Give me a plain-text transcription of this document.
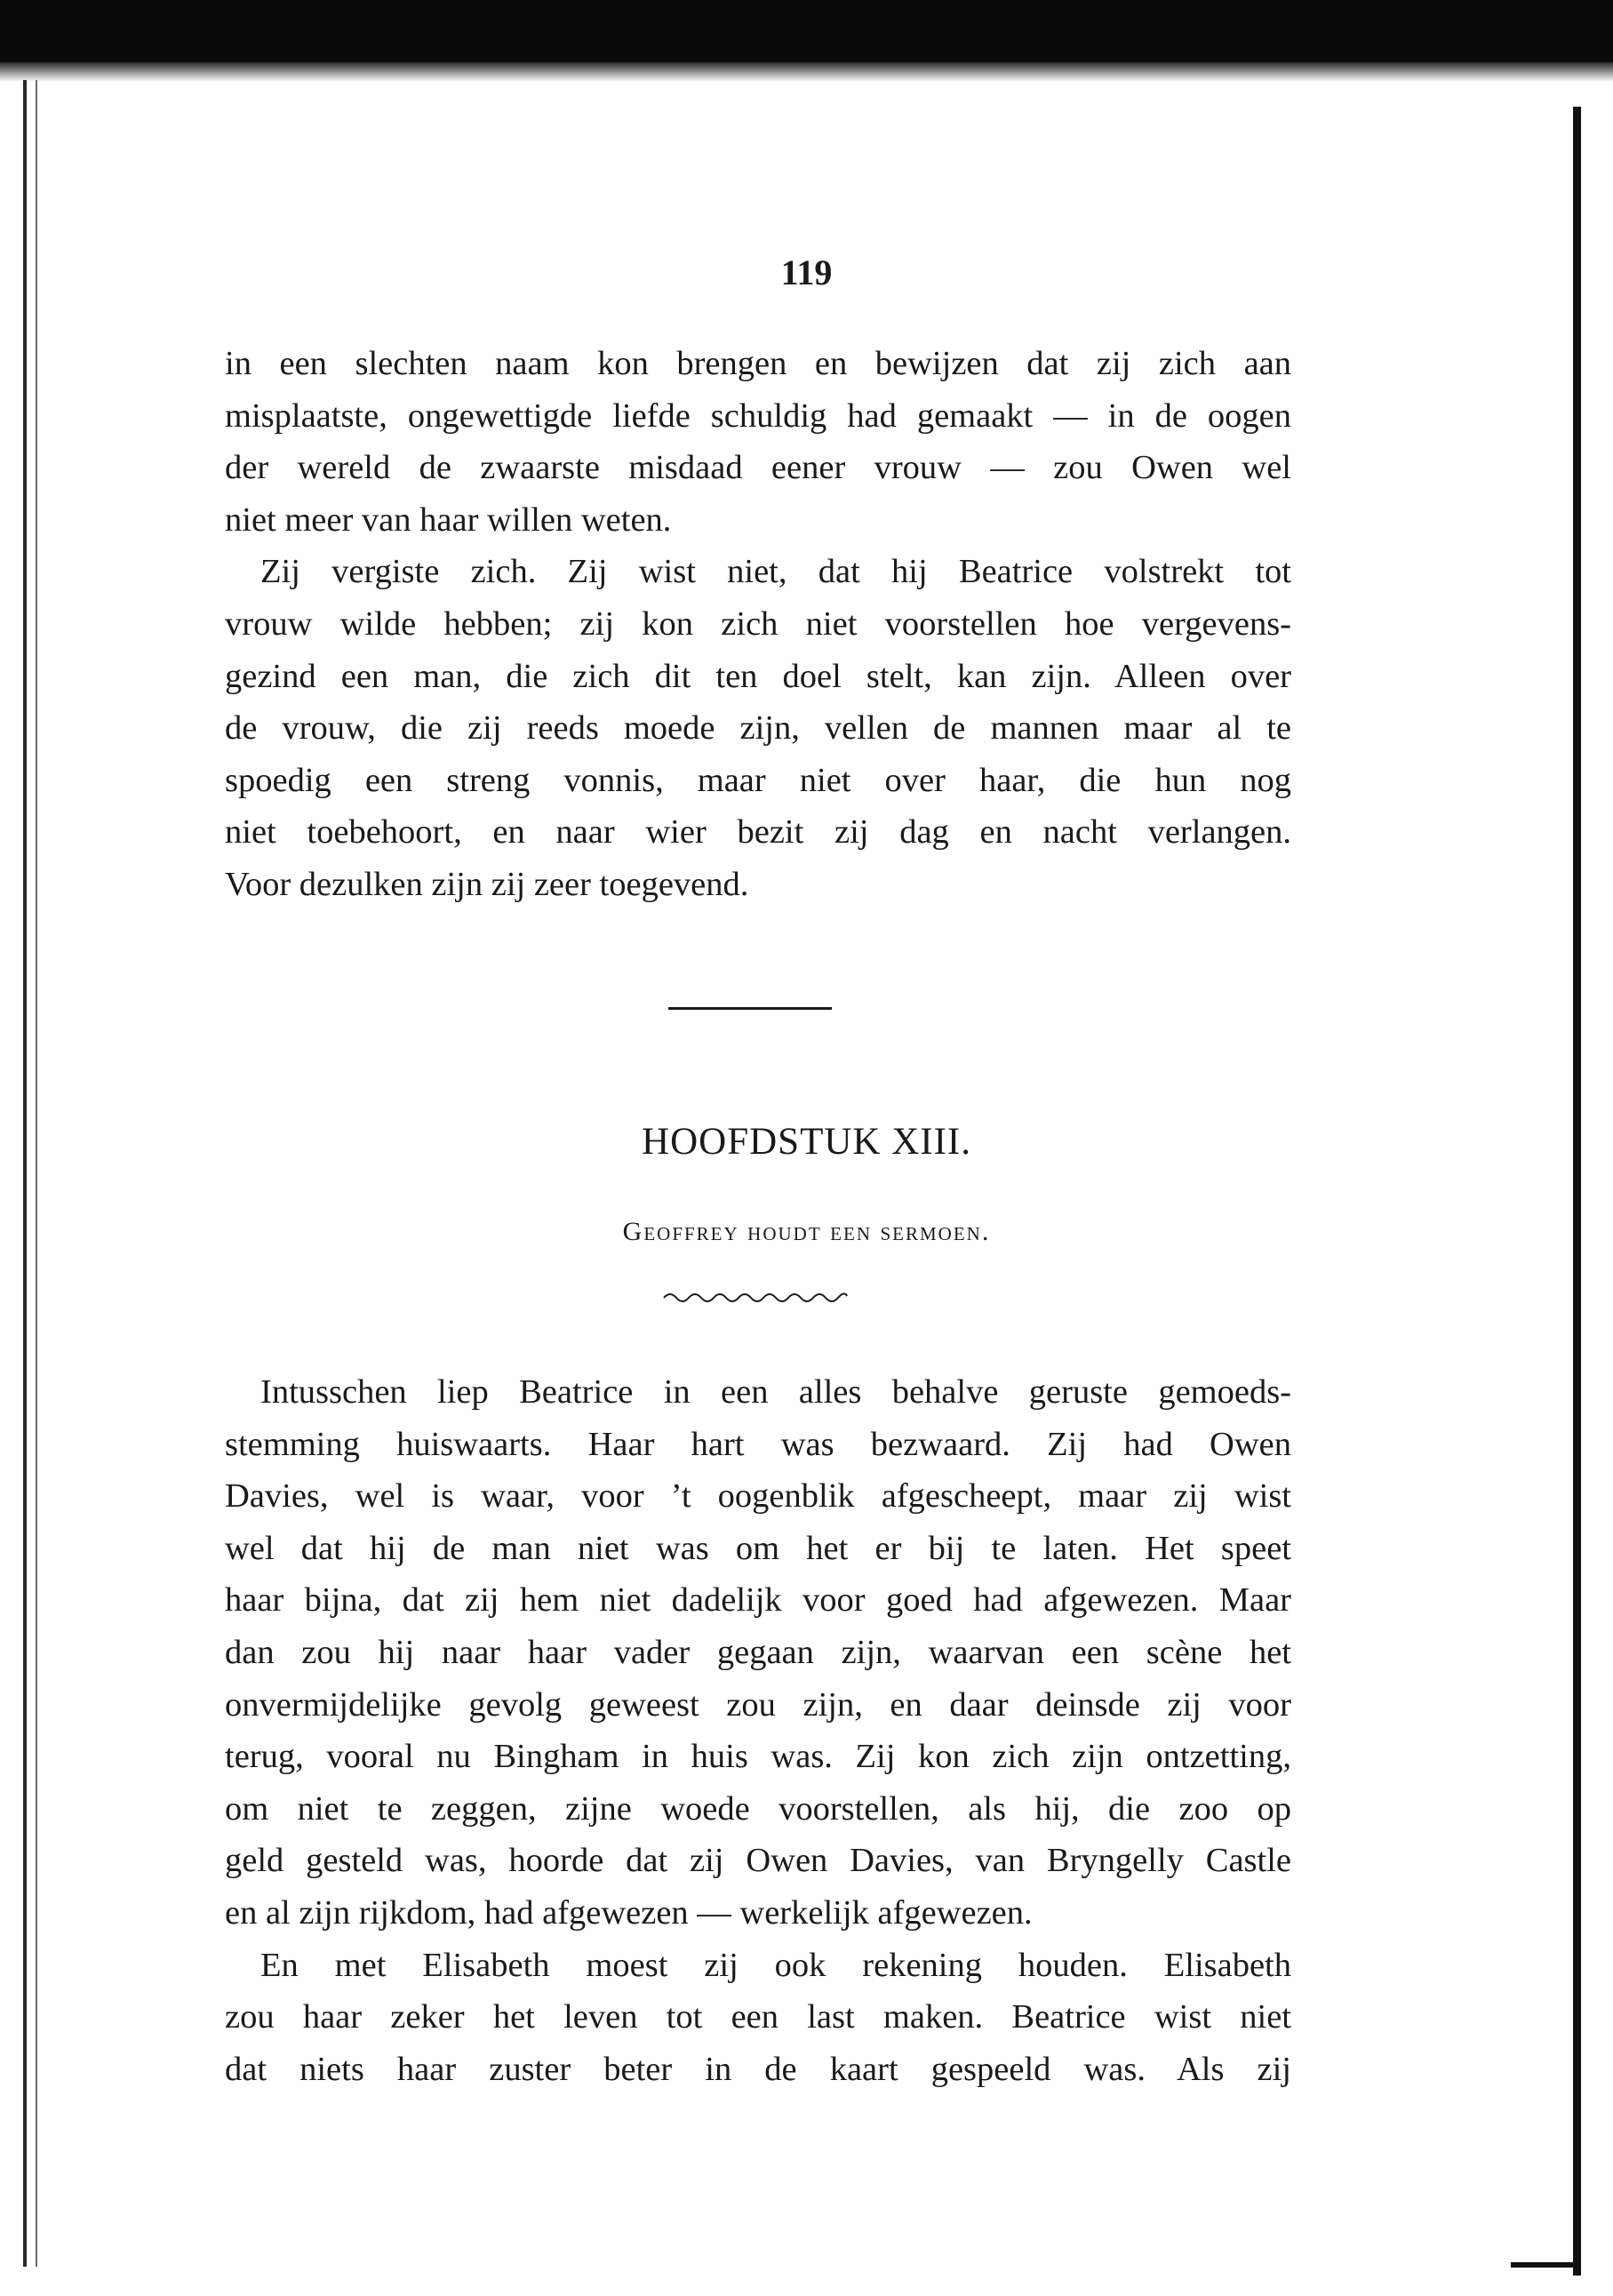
119
in een slechten naam kon brengen en bewijzen dat zij zich aan
misplaatste, ongewettigde liefde schuldig had gemaakt — in de oogen
der wereld de zwaarste misdaad eener vrouw — zou Owen wel
niet meer van haar willen weten.
Zij vergiste zich. Zij wist niet, dat hij Beatrice volstrekt tot
vrouw wilde hebben; zij kon zich niet voorstellen hoe vergevens-
gezind een man, die zich dit ten doel stelt, kan zijn. Alleen over
de vrouw, die zij reeds moede zijn, vellen de mannen maar al te
spoedig een streng vonnis, maar niet over haar, die hun nog
niet toebehoort, en naar wier bezit zij dag en nacht verlangen.
Voor dezulken zijn zij zeer toegevend.
HOOFDSTUK XIII.
Geoffrey houdt een sermoen.
Intusschen liep Beatrice in een alles behalve geruste gemoeds-
stemming huiswaarts. Haar hart was bezwaard. Zij had Owen
Davies, wel is waar, voor ’t oogenblik afgescheept, maar zij wist
wel dat hij de man niet was om het er bij te laten. Het speet
haar bijna, dat zij hem niet dadelijk voor goed had afgewezen. Maar
dan zou hij naar haar vader gegaan zijn, waarvan een scène het
onvermijdelijke gevolg geweest zou zijn, en daar deinsde zij voor
terug, vooral nu Bingham in huis was. Zij kon zich zijn ontzetting,
om niet te zeggen, zijne woede voorstellen, als hij, die zoo op
geld gesteld was, hoorde dat zij Owen Davies, van Bryngelly Castle
en al zijn rijkdom, had afgewezen — werkelijk afgewezen.
En met Elisabeth moest zij ook rekening houden. Elisabeth
zou haar zeker het leven tot een last maken. Beatrice wist niet
dat niets haar zuster beter in de kaart gespeeld was. Als zij
